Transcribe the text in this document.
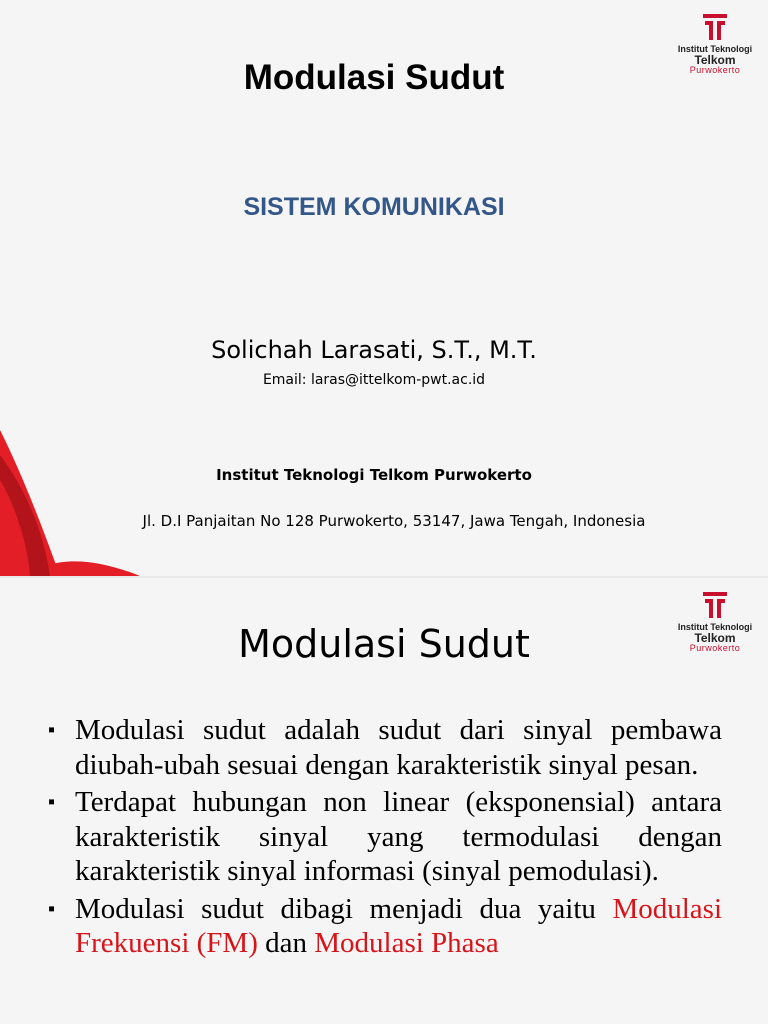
Institut Teknologi
Telkom
Purwokerto
Modulasi Sudut
SISTEM KOMUNIKASI
Solichah Larasati, S.T., M.T.
Email: laras@ittelkom-pwt.ac.id
Institut Teknologi Telkom Purwokerto
Jl. D.I Panjaitan No 128 Purwokerto, 53147, Jawa Tengah, Indonesia
Institut Teknologi
Telkom
Purwokerto
Modulasi Sudut
▪ Modulasi sudut adalah sudut dari sinyal pembawa diubah-ubah sesuai dengan karakteristik sinyal pesan.
▪ Terdapat hubungan non linear (eksponensial) antara karakteristik sinyal yang termodulasi dengan karakteristik sinyal informasi (sinyal pemodulasi).
▪ Modulasi sudut dibagi menjadi dua yaitu Modulasi Frekuensi (FM) dan Modulasi Phasa
